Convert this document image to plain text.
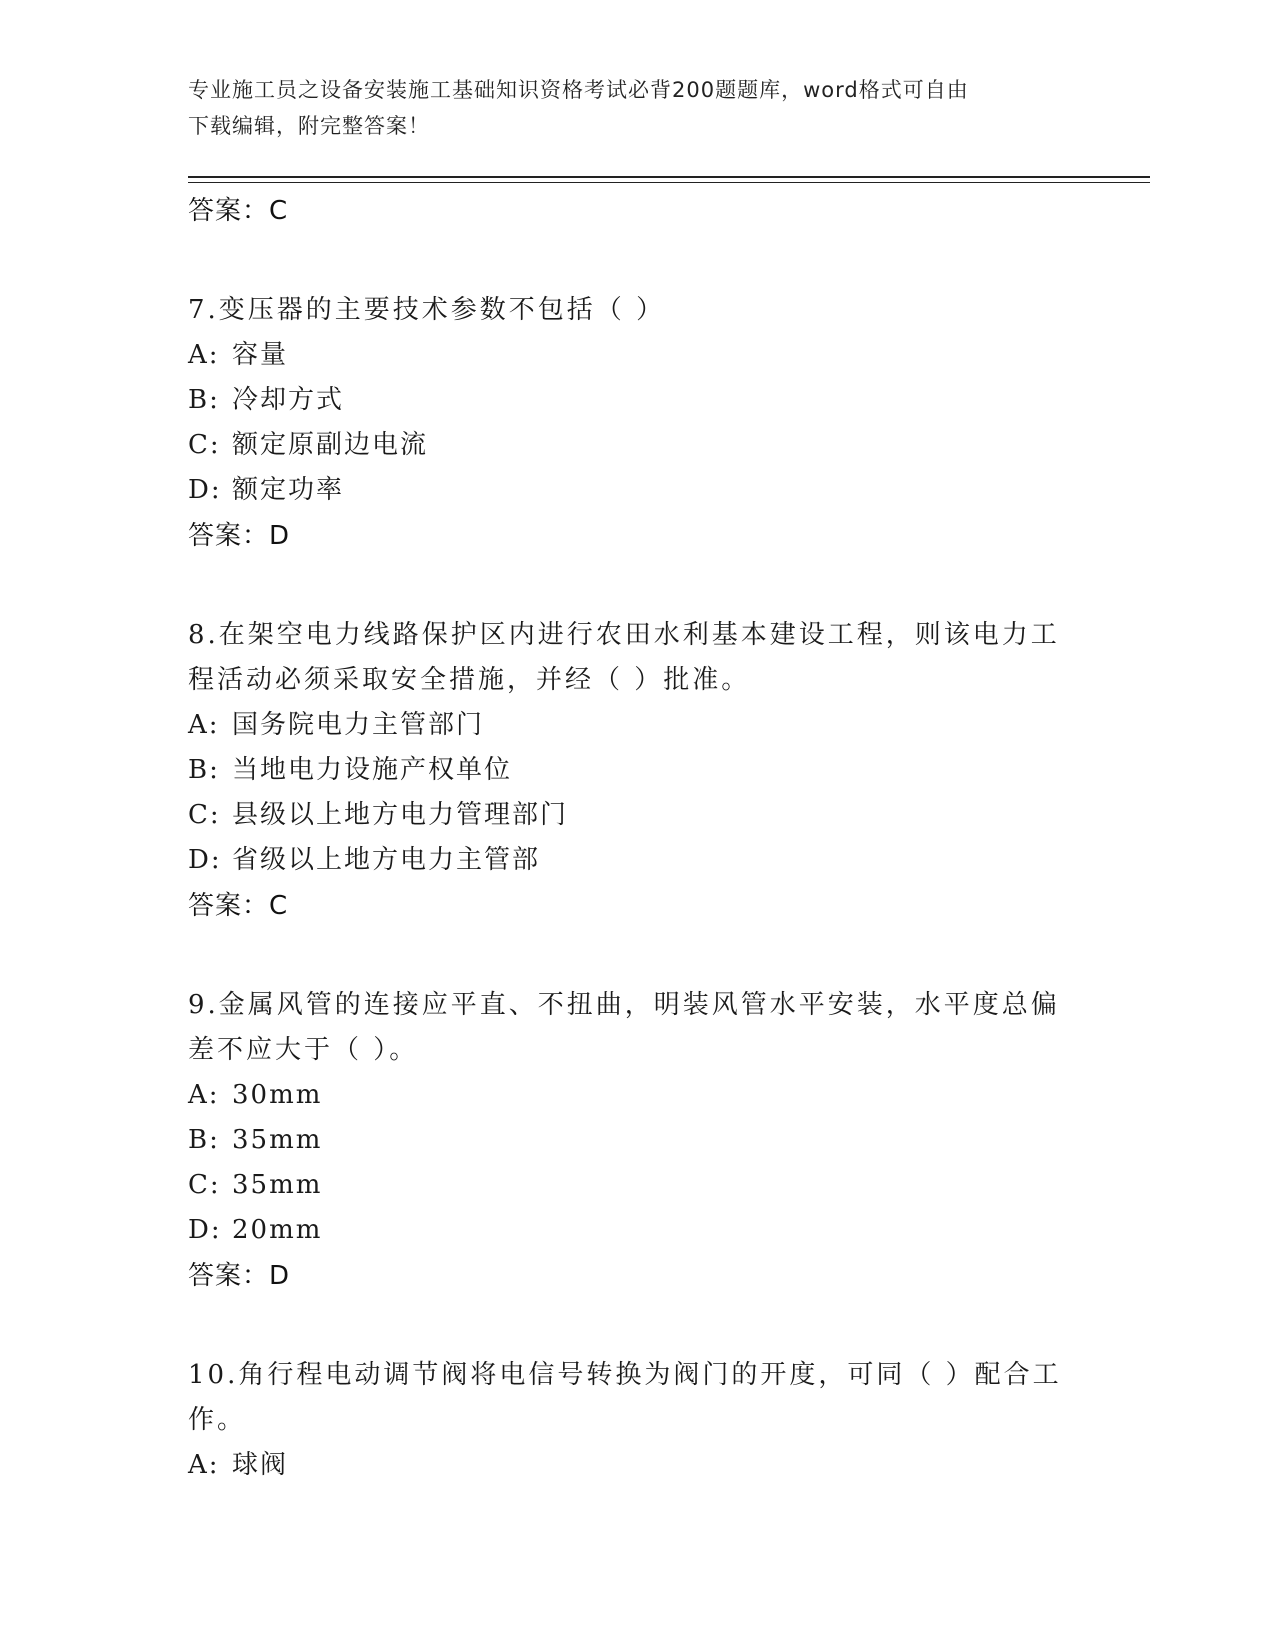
专业施工员之设备安装施工基础知识资格考试必背200题题库，word格式可自由
下载编辑，附完整答案！
答案：C
7.变压器的主要技术参数不包括（ ）
A: 容量
B: 冷却方式
C: 额定原副边电流
D: 额定功率
答案：D
8.在架空电力线路保护区内进行农田水利基本建设工程，则该电力工
程活动必须采取安全措施，并经（ ）批准。
A: 国务院电力主管部门
B: 当地电力设施产权单位
C: 县级以上地方电力管理部门
D: 省级以上地方电力主管部
答案：C
9.金属风管的连接应平直、不扭曲，明装风管水平安装，水平度总偏
差不应大于（ ）。
A: 30mm
B: 35mm
C: 35mm
D: 20mm
答案：D
10.角行程电动调节阀将电信号转换为阀门的开度，可同（ ）配合工
作。
A: 球阀
